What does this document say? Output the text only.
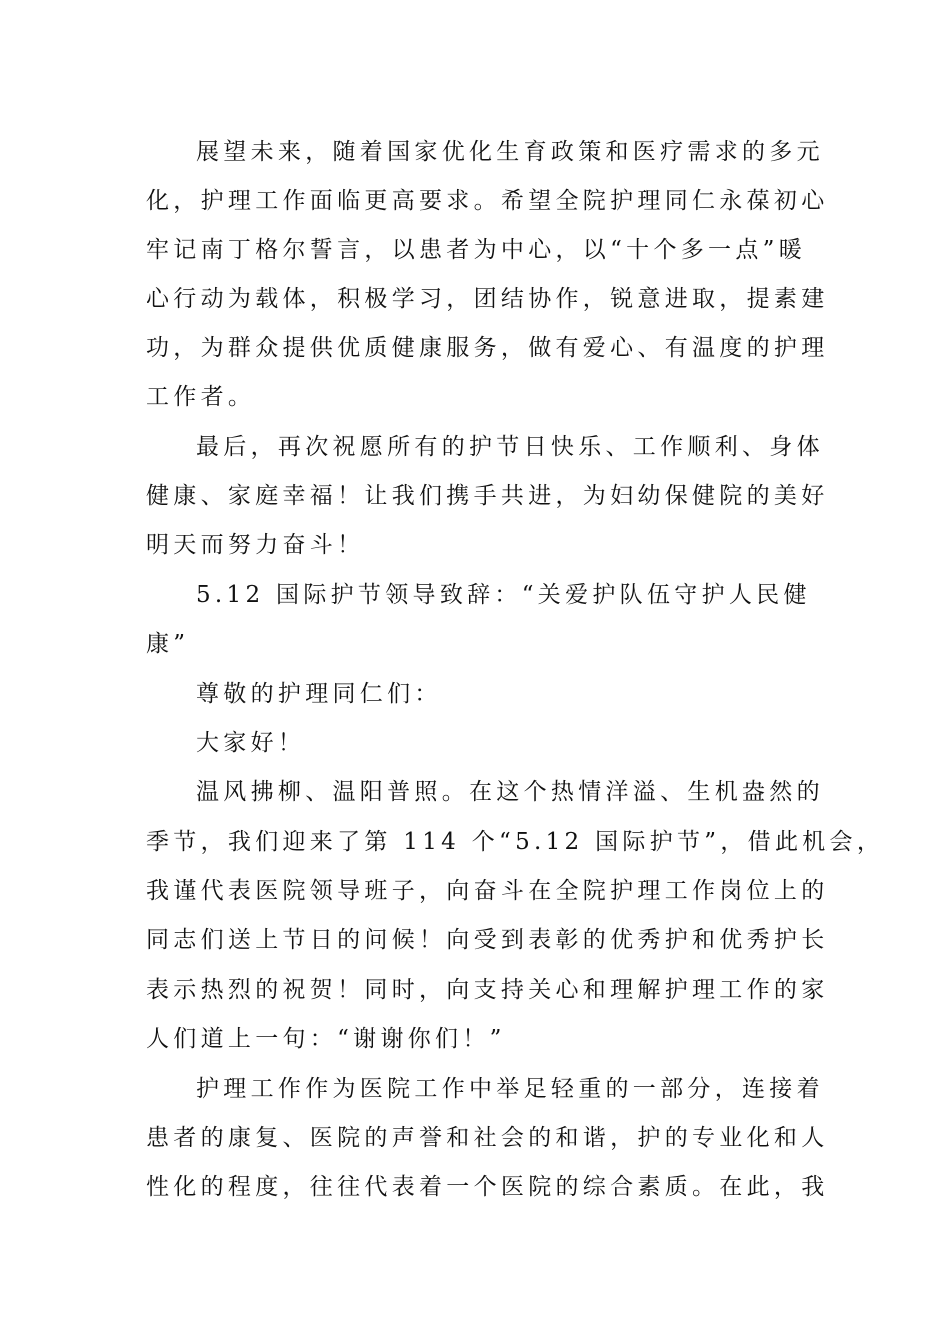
展望未来，随着国家优化生育政策和医疗需求的多元
化，护理工作面临更高要求。希望全院护理同仁永葆初心
牢记南丁格尔誓言，以患者为中心，以“十个多一点”暖
心行动为载体，积极学习，团结协作，锐意进取，提素建
功，为群众提供优质健康服务，做有爱心、有温度的护理
工作者。
最后，再次祝愿所有的护节日快乐、工作顺利、身体
健康、家庭幸福！让我们携手共进，为妇幼保健院的美好
明天而努力奋斗！
5.12 国际护节领导致辞：“关爱护队伍守护人民健
康”
尊敬的护理同仁们：
大家好！
温风拂柳、温阳普照。在这个热情洋溢、生机盎然的
季节，我们迎来了第 114 个“5.12 国际护节”，借此机会，
我谨代表医院领导班子，向奋斗在全院护理工作岗位上的
同志们送上节日的问候！向受到表彰的优秀护和优秀护长
表示热烈的祝贺！同时，向支持关心和理解护理工作的家
人们道上一句：“谢谢你们！”
护理工作作为医院工作中举足轻重的一部分，连接着
患者的康复、医院的声誉和社会的和谐，护的专业化和人
性化的程度，往往代表着一个医院的综合素质。在此，我
